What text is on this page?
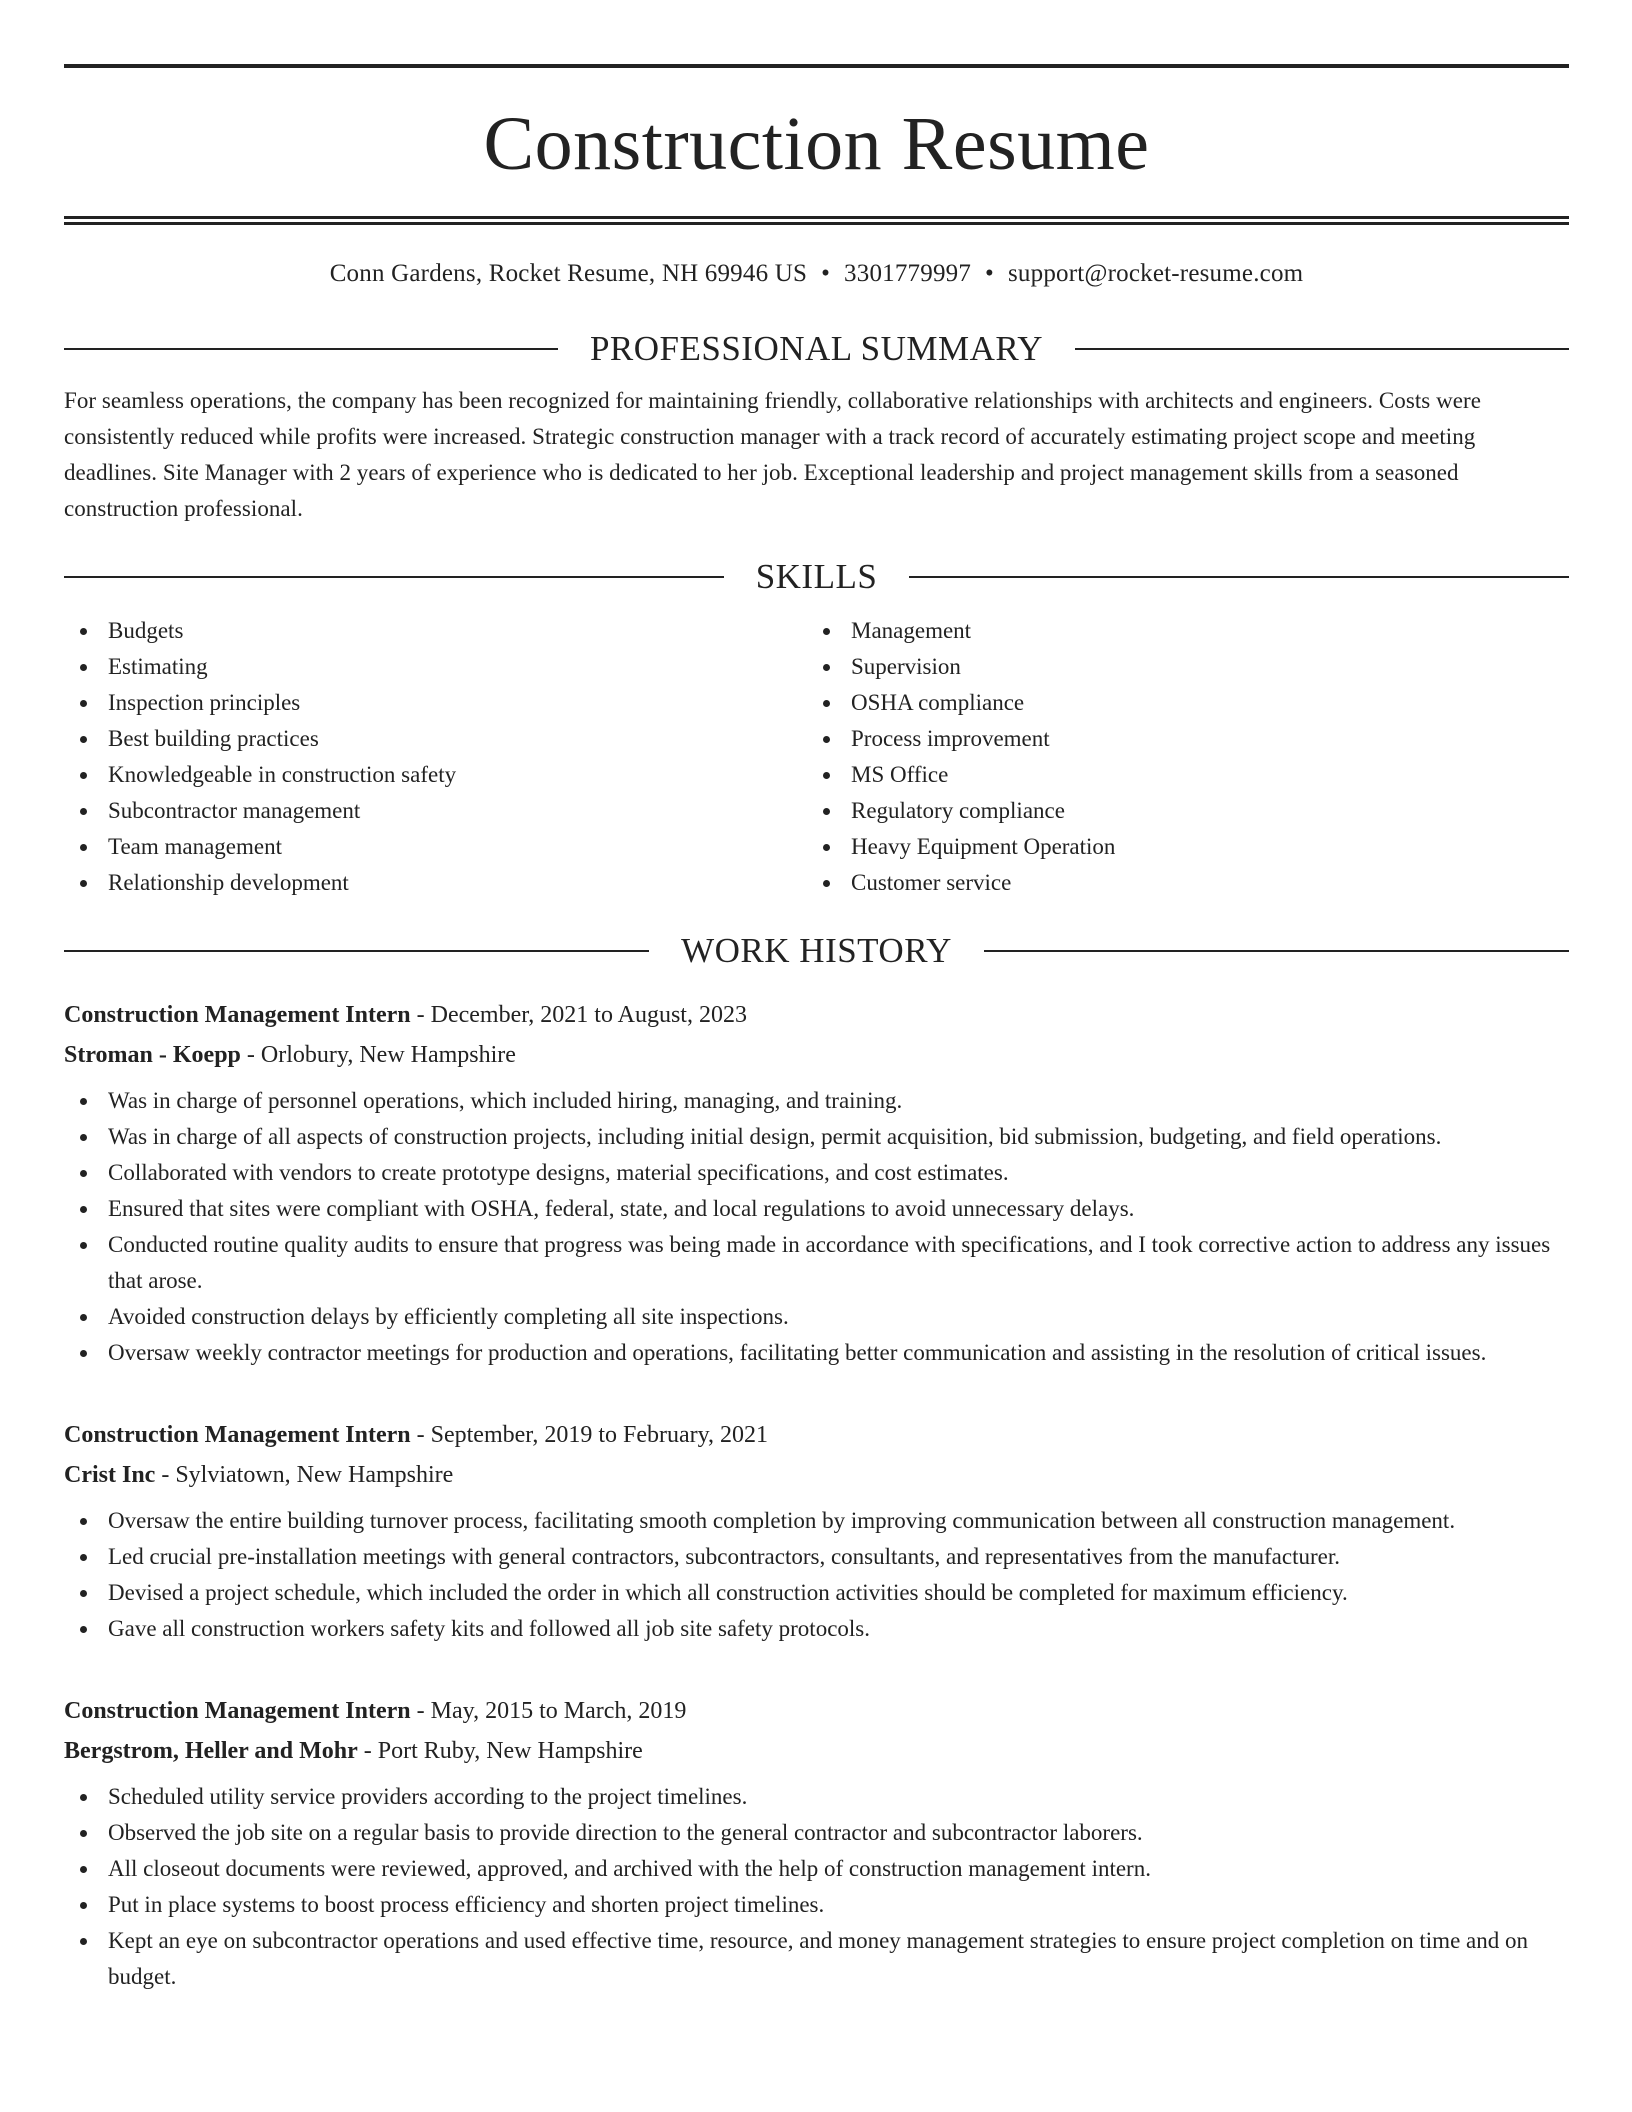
Construction Resume
Conn Gardens, Rocket Resume, NH 69946 US • 3301779997 • support@rocket-resume.com
PROFESSIONAL SUMMARY

For seamless operations, the company has been recognized for maintaining friendly, collaborative relationships with architects and engineers. Costs were consistently reduced while profits were increased. Strategic construction manager with a track record of accurately estimating project scope and meeting deadlines. Site Manager with 2 years of experience who is dedicated to her job. Exceptional leadership and project management skills from a seasoned construction professional.

SKILLS
Budgets
Estimating
Inspection principles
Best building practices
Knowledgeable in construction safety
Subcontractor management
Team management
Relationship development
Management
Supervision
OSHA compliance
Process improvement
MS Office
Regulatory compliance
Heavy Equipment Operation
Customer service
WORK HISTORY
Construction Management Intern - December, 2021 to August, 2023
Stroman - Koepp - Orlobury, New Hampshire
Was in charge of personnel operations, which included hiring, managing, and training.
Was in charge of all aspects of construction projects, including initial design, permit acquisition, bid submission, budgeting, and field operations.
Collaborated with vendors to create prototype designs, material specifications, and cost estimates.
Ensured that sites were compliant with OSHA, federal, state, and local regulations to avoid unnecessary delays.
Conducted routine quality audits to ensure that progress was being made in accordance with specifications, and I took corrective action to address any issues that arose.
Avoided construction delays by efficiently completing all site inspections.
Oversaw weekly contractor meetings for production and operations, facilitating better communication and assisting in the resolution of critical issues.
Construction Management Intern - September, 2019 to February, 2021
Crist Inc - Sylviatown, New Hampshire
Oversaw the entire building turnover process, facilitating smooth completion by improving communication between all construction management.
Led crucial pre-installation meetings with general contractors, subcontractors, consultants, and representatives from the manufacturer.
Devised a project schedule, which included the order in which all construction activities should be completed for maximum efficiency.
Gave all construction workers safety kits and followed all job site safety protocols.
Construction Management Intern - May, 2015 to March, 2019
Bergstrom, Heller and Mohr - Port Ruby, New Hampshire
Scheduled utility service providers according to the project timelines.
Observed the job site on a regular basis to provide direction to the general contractor and subcontractor laborers.
All closeout documents were reviewed, approved, and archived with the help of construction management intern.
Put in place systems to boost process efficiency and shorten project timelines.
Kept an eye on subcontractor operations and used effective time, resource, and money management strategies to ensure project completion on time and on budget.
